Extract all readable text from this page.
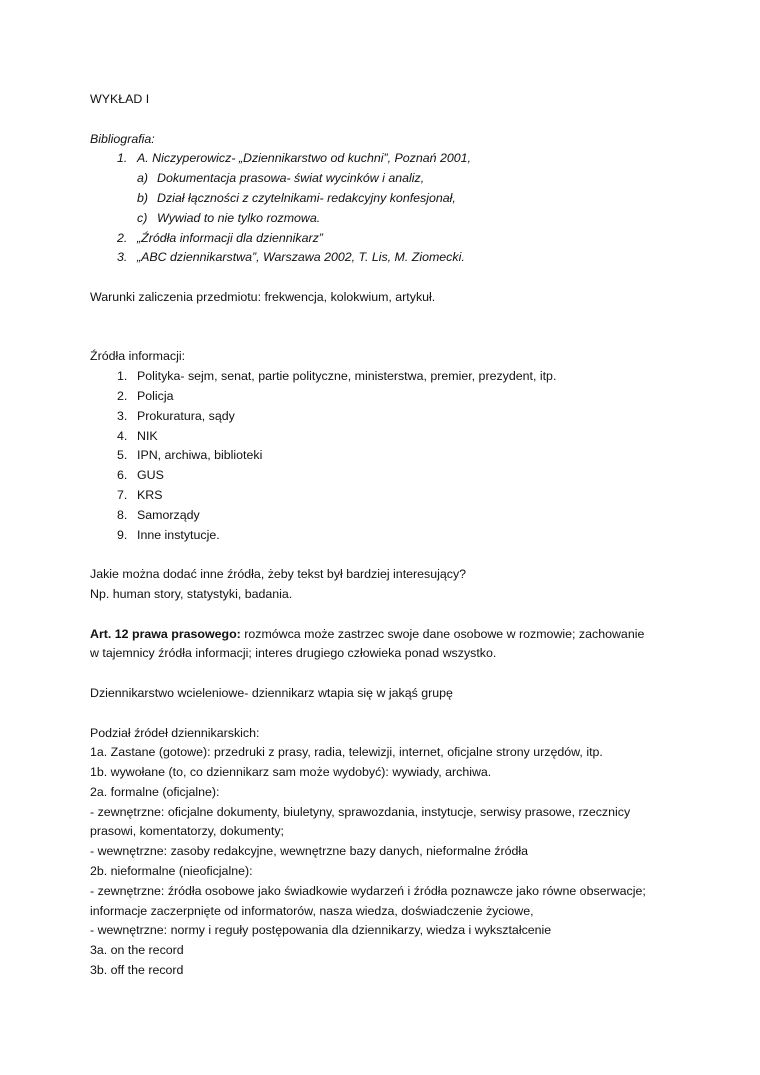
WYKŁAD I

Bibliografia:

1. A. Niczyperowicz- „Dziennikarstwo od kuchni”, Poznań 2001,
a) Dokumentacja prasowa- świat wycinków i analiz,
b) Dział łączności z czytelnikami- redakcyjny konfesjonał,
c) Wywiad to nie tylko rozmowa.
2. „Źródła informacji dla dziennikarz”
3. „ABC dziennikarstwa”, Warszawa 2002, T. Lis, M. Ziomecki.

Warunki zaliczenia przedmiotu: frekwencja, kolokwium, artykuł.

Źródła informacji:

1. Polityka- sejm, senat, partie polityczne, ministerstwa, premier, prezydent, itp.
2. Policja
3. Prokuratura, sądy
4. NIK
5. IPN, archiwa, biblioteki
6. GUS
7. KRS
8. Samorządy
9. Inne instytucje.

Jakie można dodać inne źródła, żeby tekst był bardziej interesujący?

Np. human story, statystyki, badania.

Art. 12 prawa prasowego: rozmówca może zastrzec swoje dane osobowe w rozmowie; zachowanie

w tajemnicy źródła informacji; interes drugiego człowieka ponad wszystko.

Dziennikarstwo wcieleniowe- dziennikarz wtapia się w jakąś grupę

Podział źródeł dziennikarskich:

1a. Zastane (gotowe): przedruki z prasy, radia, telewizji, internet, oficjalne strony urzędów, itp.

1b. wywołane (to, co dziennikarz sam może wydobyć): wywiady, archiwa.

2a. formalne (oficjalne):

- zewnętrzne: oficjalne dokumenty, biuletyny, sprawozdania, instytucje, serwisy prasowe, rzecznicy

prasowi, komentatorzy, dokumenty;

- wewnętrzne: zasoby redakcyjne, wewnętrzne bazy danych, nieformalne źródła

2b. nieformalne (nieoficjalne):

- zewnętrzne: źródła osobowe jako świadkowie wydarzeń i źródła poznawcze jako równe obserwacje;

informacje zaczerpnięte od informatorów, nasza wiedza, doświadczenie życiowe,

- wewnętrzne: normy i reguły postępowania dla dziennikarzy, wiedza i wykształcenie

3a. on the record

3b. off the record
